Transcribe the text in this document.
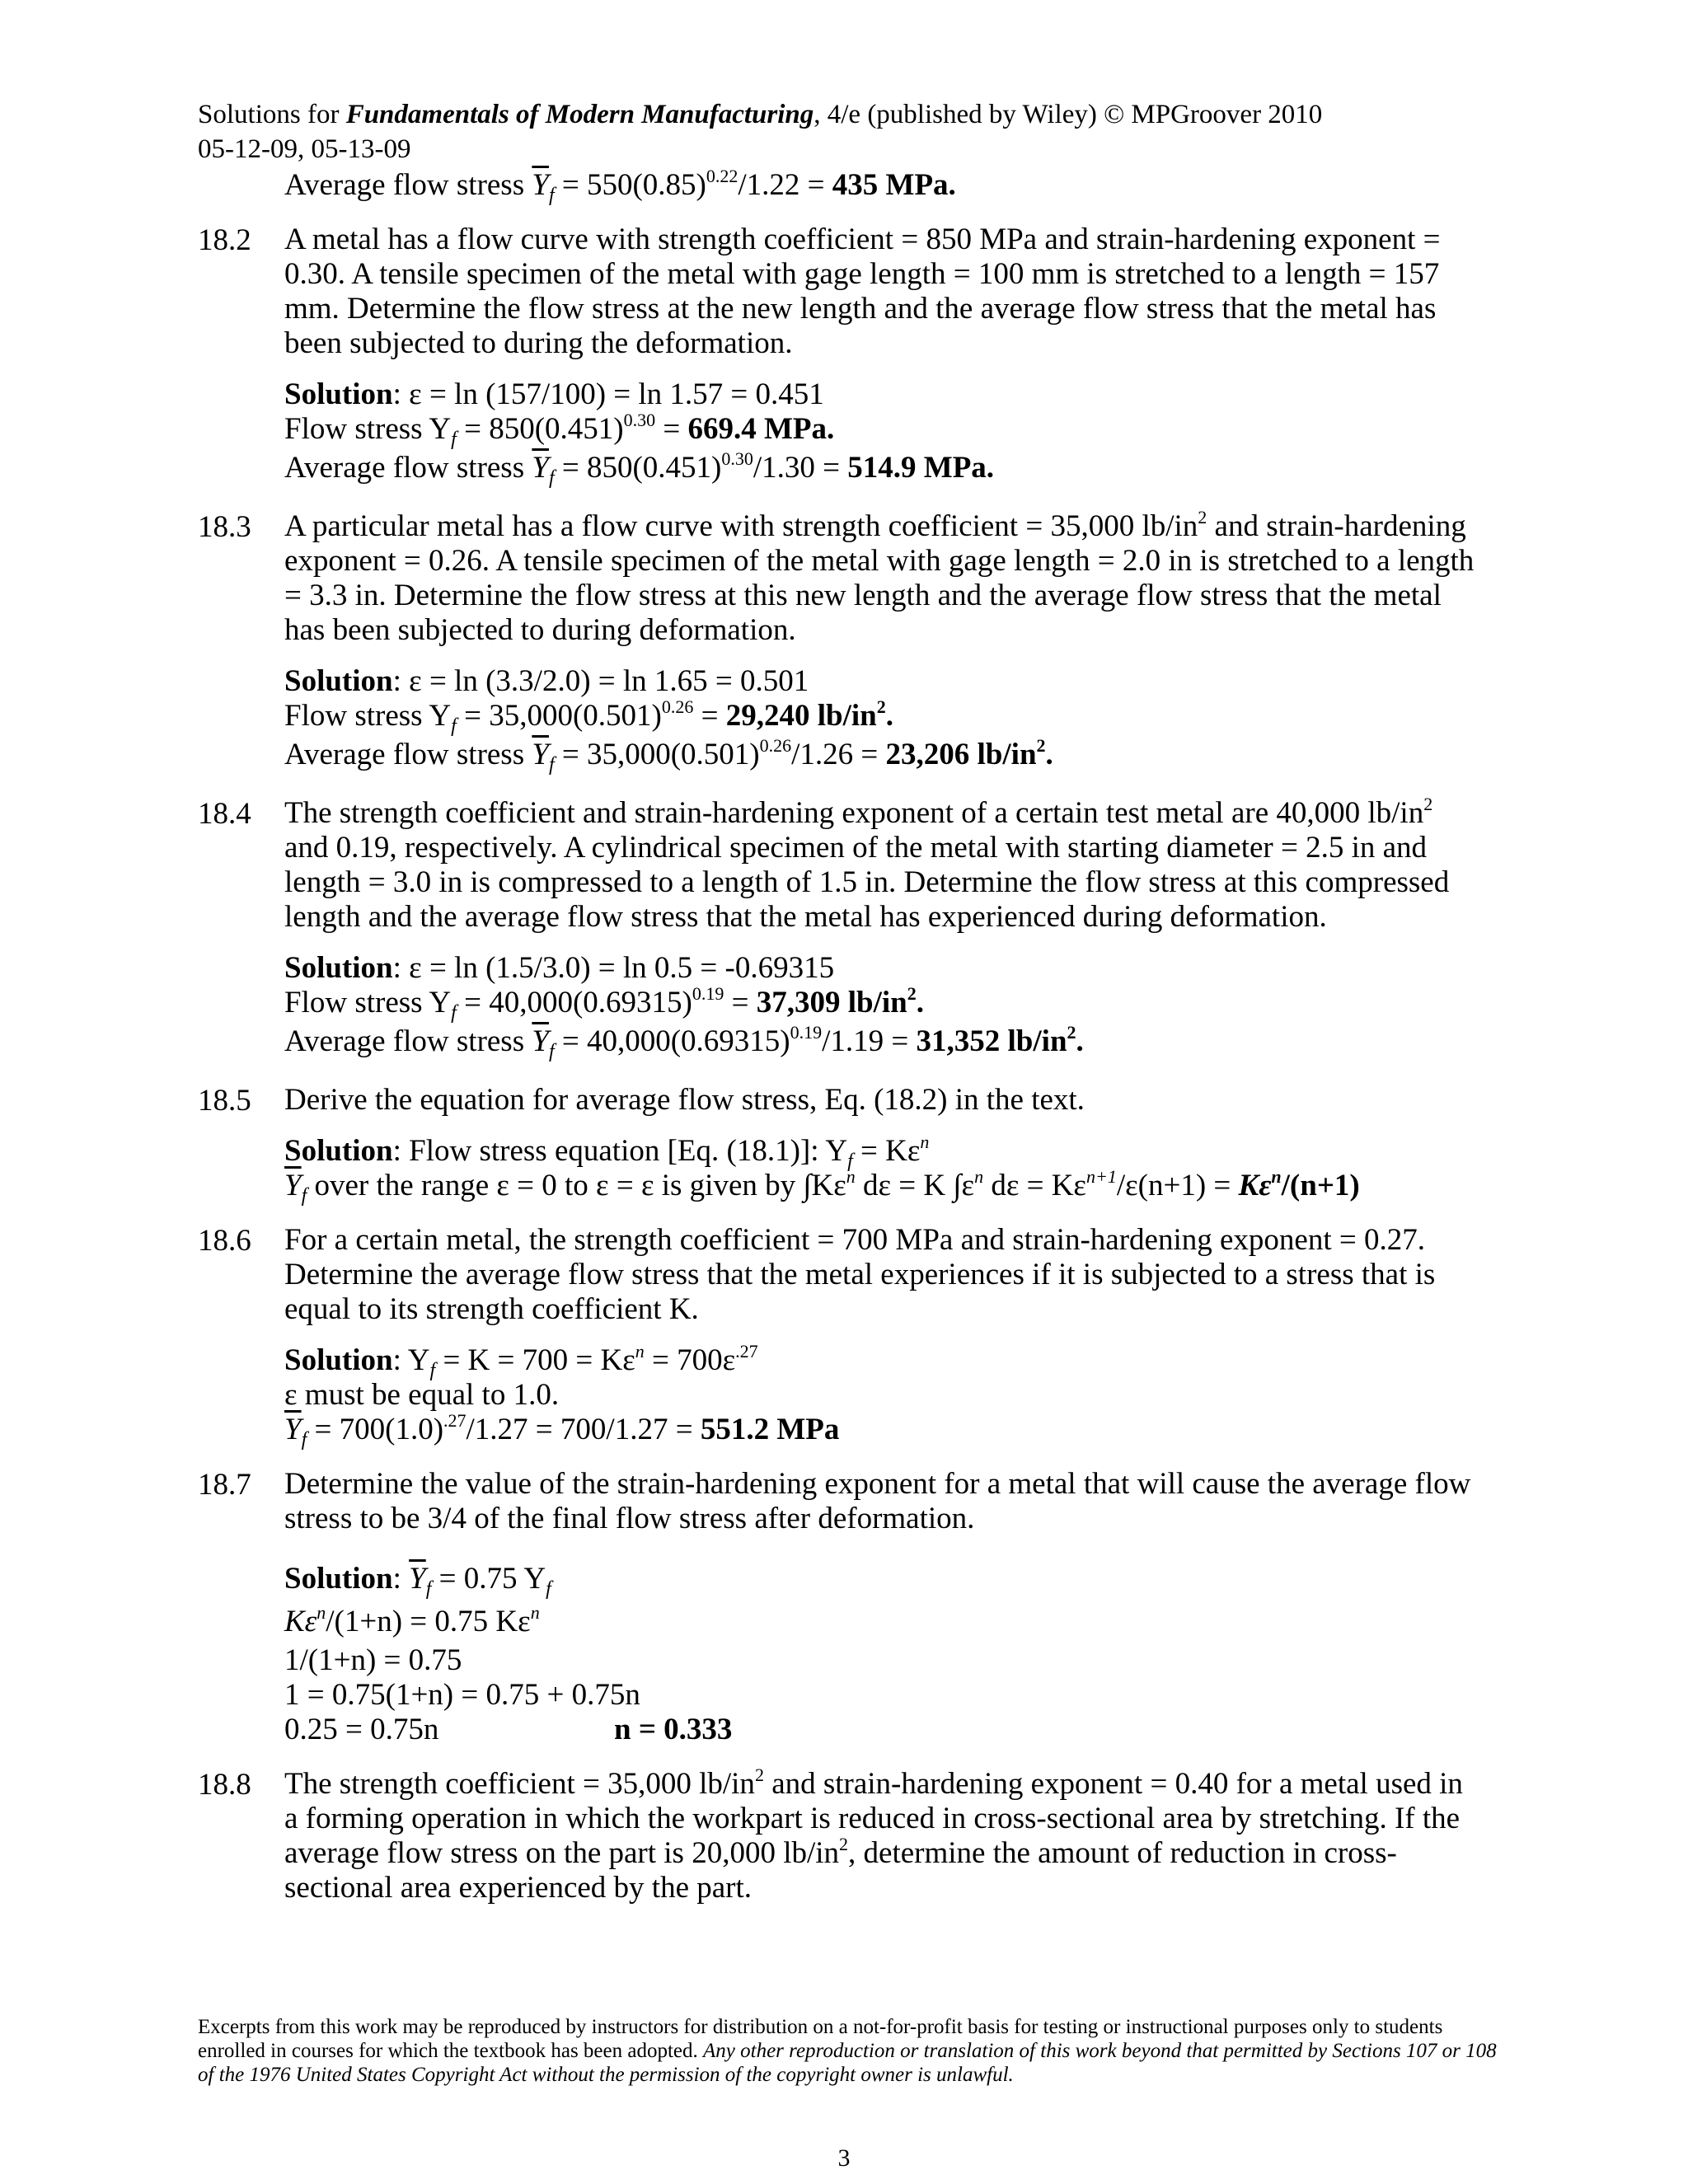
Solutions for Fundamentals of Modern Manufacturing, 4/e (published by Wiley) © MPGroover 2010
05-12-09, 05-13-09
Average flow stress $\overline{Y}_f = 550(0.85)^{0.22}/1.22 = 435$ MPa.
18.2 A metal has a flow curve with strength coefficient = 850 MPa and strain-hardening exponent = 0.30. A tensile specimen of the metal with gage length = 100 mm is stretched to a length = 157 mm. Determine the flow stress at the new length and the average flow stress that the metal has been subjected to during the deformation.
Solution: ε = ln (157/100) = ln 1.57 = 0.451
Flow stress $Y_f = 850(0.451)^{0.30} = 669.4$ MPa.
Average flow stress $\overline{Y}_f = 850(0.451)^{0.30}/1.30 = 514.9$ MPa.
18.3 A particular metal has a flow curve with strength coefficient = 35,000 $lb/in^2$ and strain-hardening exponent = 0.26. A tensile specimen of the metal with gage length = 2.0 in is stretched to a length = 3.3 in. Determine the flow stress at this new length and the average flow stress that the metal has been subjected to during deformation.
Solution: ε = ln (3.3/2.0) = ln 1.65 = 0.501
Flow stress $Y_f = 35,000(0.501)^{0.26} = 29,240$ $lb/in^2$.
Average flow stress $\overline{Y}_f = 35,000(0.501)^{0.26}/1.26 = 23,206$ $lb/in^2$.
18.4 The strength coefficient and strain-hardening exponent of a certain test metal are 40,000 $lb/in^2$ and 0.19, respectively. A cylindrical specimen of the metal with starting diameter = 2.5 in and length = 3.0 in is compressed to a length of 1.5 in. Determine the flow stress at this compressed length and the average flow stress that the metal has experienced during deformation.
Solution: ε = ln (1.5/3.0) = ln 0.5 = -0.69315
Flow stress $Y_f = 40,000(0.69315)^{0.19} = 37,309$ $lb/in^2$.
Average flow stress $\overline{Y}_f = 40,000(0.69315)^{0.19}/1.19 = 31,352$ $lb/in^2$.
18.5 Derive the equation for average flow stress, Eq. (18.2) in the text.
Solution: Flow stress equation [Eq. (18.1)]: $Y_f = K\varepsilon^n$
$\overline{Y}_f$ over the range ε = 0 to ε = ε is given by $\int K\varepsilon^n$ dε = K $\int\varepsilon^n$ $d\varepsilon = K\varepsilon^{n+1}/\varepsilon(n+1) = K\varepsilon^n/(n+1)$
18.6 For a certain metal, the strength coefficient = 700 MPa and strain-hardening exponent = 0.27. Determine the average flow stress that the metal experiences if it is subjected to a stress that is equal to its strength coefficient K.
Solution: $Y_f = K = 700 = K\varepsilon^n = 700\varepsilon^{.27}$
ε must be equal to 1.0.
$\overline{Y}_f = 700(1.0)^{.27}/1.27 = 700/1.27 = 551.2$ MPa
18.7 Determine the value of the strain-hardening exponent for a metal that will cause the average flow stress to be 3/4 of the final flow stress after deformation.
Solution: $\overline{Y}_f = 0.75$ $Y_f$
$K\varepsilon^n/(1+n) = 0.75$ $K\varepsilon^n$
1/(1+n) = 0.75
1 = 0.75(1+n) = 0.75 + 0.75n
0.25 = 0.75n	n = 0.333
18.8 The strength coefficient = 35,000 $lb/in^2$ and strain-hardening exponent = 0.40 for a metal used in a forming operation in which the workpart is reduced in cross-sectional area by stretching. If the average flow stress on the part is 20,000 $lb/in^2$, determine the amount of reduction in cross-sectional area experienced by the part.
Excerpts from this work may be reproduced by instructors for distribution on a not-for-profit basis for testing or instructional purposes only to students enrolled in courses for which the textbook has been adopted. Any other reproduction or translation of this work beyond that permitted by Sections 107 or 108 of the 1976 United States Copyright Act without the permission of the copyright owner is unlawful.
3
